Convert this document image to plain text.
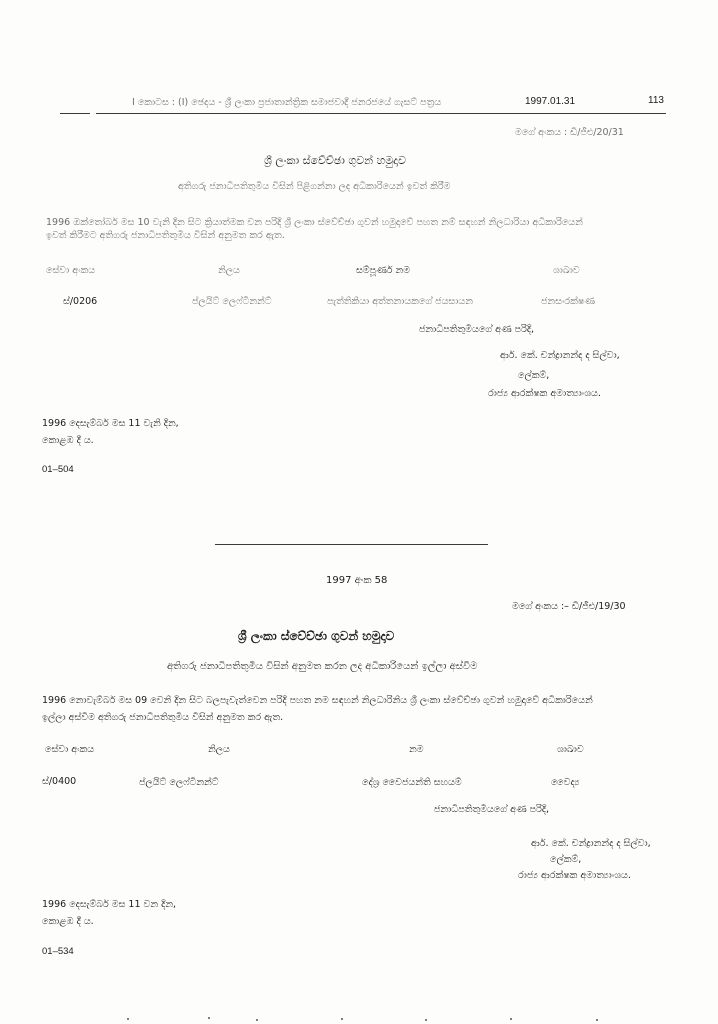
I කොටස : (I) ඡෙදය - ශ්‍රී ලංකා ප්‍රජාතාන්ත්‍රික සමාජවාදී ජනරජයේ ගැසට් පත්‍රය	1997.01.31	113
මගේ අංකය : ඩී/ජීඑ/20/31
ශ්‍රී ලංකා ස්වේච්ඡා ගුවන් හමුදාව
අතිගරු ජනාධිපතිතුමිය විසින් පිළිගන්නා ලද අධිකාරියෙන් ඉවත් කිරීම
1996 ඔක්තෝබර් මස 10 වැනි දින සිට ක්‍රියාත්මක වන පරිදි ශ්‍රී ලංකා ස්වේච්ඡා ගුවන් හමුදාවේ පහත නම් සඳහන් නිලධාරියා අධිකාරියෙන්
ඉවත් කිරීමට අතිගරු ජනාධිපතිතුමිය විසින් අනුමත කර ඇත.
සේවා අංකය	නිලය	සම්පූර්ණ නම	ශාඛාව
ස්/0206	ප්ලයිට් ලෙෆ්ටිනන්ට්	පැත්තිකියා අත්තනායකගේ ජයසායන	ජනසංරක්ෂණ
ජනාධිපතිතුමියගේ අණ පරිදි,
ආර්. කේ. චන්ද්‍රානන්ද ද සිල්වා,
ලේකම්,
රාජ්‍ය ආරක්ෂක අමාත්‍යාංශය.
1996 දෙසැම්බර් මස 11 වැනි දින,
කොළඹ දී ය.
01–504
1997 අංක 58
මගේ අංකය :– ඩී/ජීඑ/19/30
ශ්‍රී ලංකා ස්වේච්ඡා ගුවන් හමුදාව
අතිගරු ජනාධිපතිතුමිය විසින් අනුමත කරන ලද අධිකාරියෙන් ඉල්ලා අස්වීම
1996 නොවැම්බර් මස 09 වෙනි දින සිට බලපැවැත්වෙන පරිදි පහත නම සඳහන් නිලධාරිනිය ශ්‍රී ලංකා ස්වේච්ඡා ගුවන් හමුදාවේ අධිකාරියෙන්
ඉල්ලා අස්වීම අතිගරු ජනාධිපතිතුමිය විසින් අනුමත කර ඇත.
සේවා අංකය	නිලය	නම	ශාඛාව
ස්/0400	ප්ලයිට් ලෙෆ්ටිනන්ට්	දේශ්‍ර වෛජයන්ති සහයම්	වෛද්‍ය
ජනාධිපතිතුමියගේ අණ පරිදි,
ආර්. කේ. චන්ද්‍රානන්ද ද සිල්වා,
ලේකම්,
රාජ්‍ය ආරක්ෂක අමාත්‍යාංශය.
1996 දෙසැම්බර් මස 11 වන දින,
කොළඹ දී ය.
01–534
